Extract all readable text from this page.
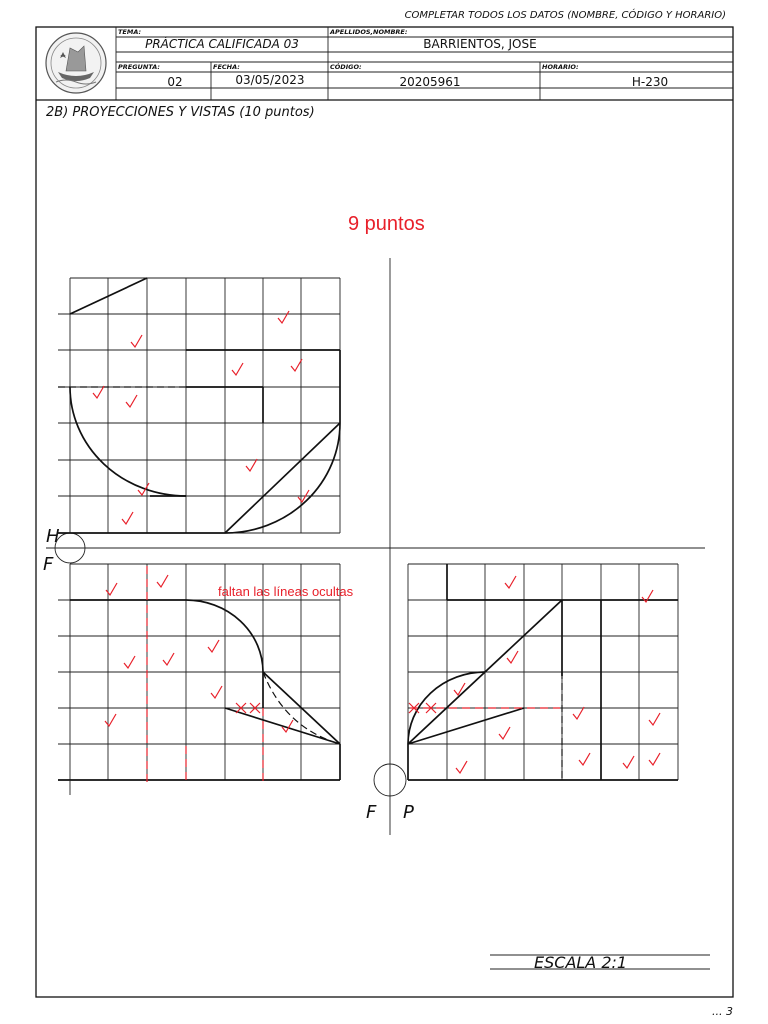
COMPLETAR TODOS LOS DATOS (NOMBRE, CÓDIGO Y HORARIO)
TEMA:
PRÁCTICA CALIFICADA 03
APELLIDOS,NOMBRE:
BARRIENTOS, JOSE
PREGUNTA:
02
FECHA:
03/05/2023
CÓDIGO:
20205961
HORARIO:
H-230
2B) PROYECCIONES Y VISTAS (10 puntos)
9 puntos
H
F
F P
faltan las líneas ocultas
ESCALA 2:1
... 3
